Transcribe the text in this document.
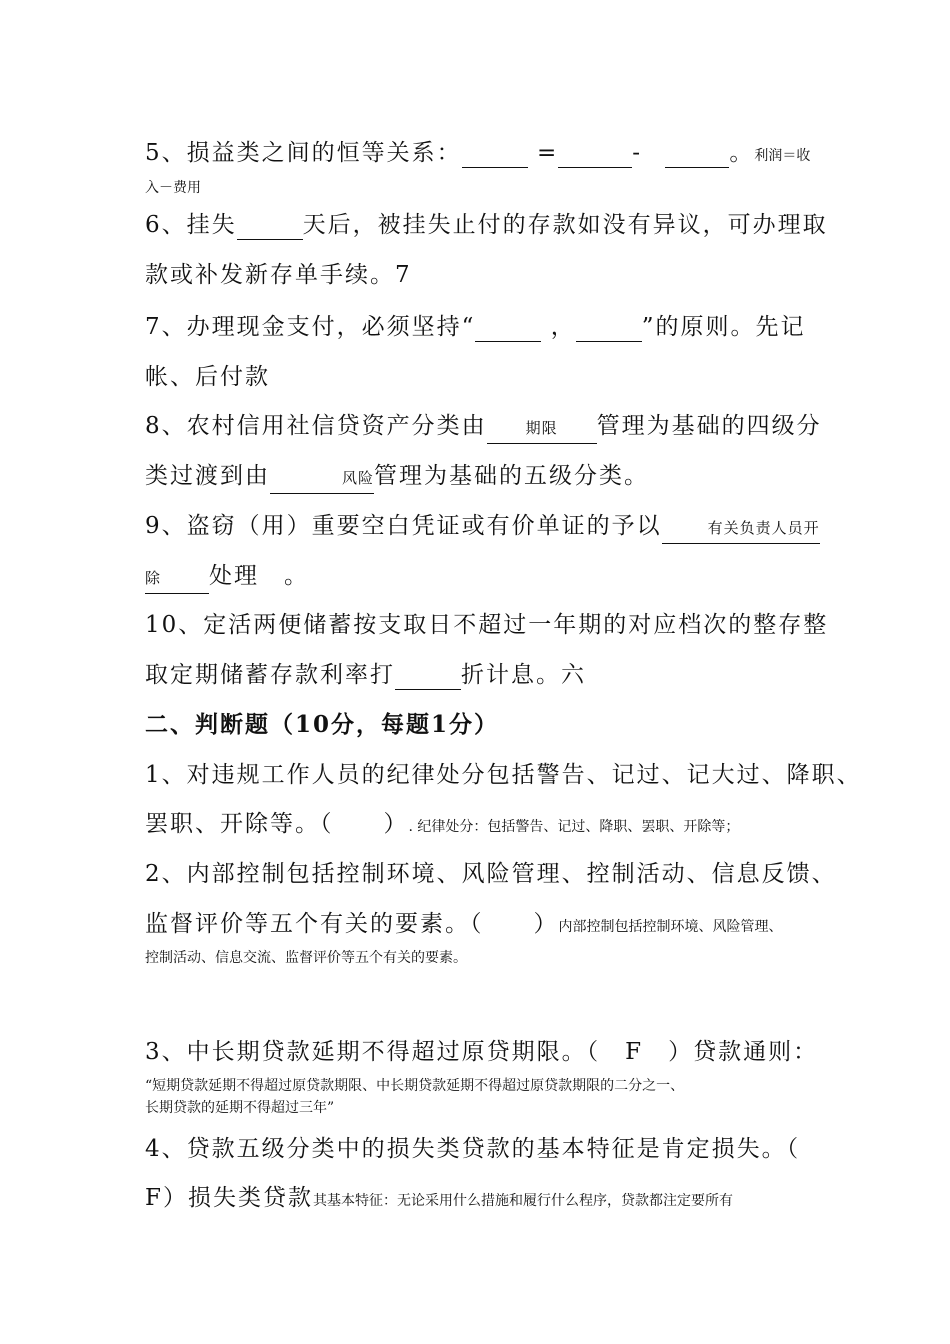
5、损益类之间的恒等关系：	=	-	。利润＝收
入－费用
6、挂失	天后，被挂失止付的存款如没有异议，可办理取
款或补发新存单手续。7
7、办理现金支付，必须坚持“	，	”的原则。先记
帐、后付款
8、农村信用社信贷资产分类由	期限 管理为基础的四级分
类过渡到由	风险管理为基础的五级分类。
9、盗窃（用）重要空白凭证或有价单证的予以	有关负责人员开
除 处理　。
10、定活两便储蓄按支取日不超过一年期的对应档次的整存整
取定期储蓄存款利率打	折计息。六
二、判断题（10分，每题1分）
1、对违规工作人员的纪律处分包括警告、记过、记大过、降职、
罢职、开除等。（　　）. 纪律处分：包括警告、记过、降职、罢职、开除等；
2、内部控制包括控制环境、风险管理、控制活动、信息反馈、
监督评价等五个有关的要素。（　　）内部控制包括控制环境、风险管理、
控制活动、信息交流、监督评价等五个有关的要素。
3、中长期贷款延期不得超过原贷期限。（　F　）贷款通则：
“短期贷款延期不得超过原贷款期限、中长期贷款延期不得超过原贷款期限的二分之一、
长期贷款的延期不得超过三年”
4、贷款五级分类中的损失类贷款的基本特征是肯定损失。（
F）损失类贷款其基本特征：无论采用什么措施和履行什么程序，贷款都注定要所有
